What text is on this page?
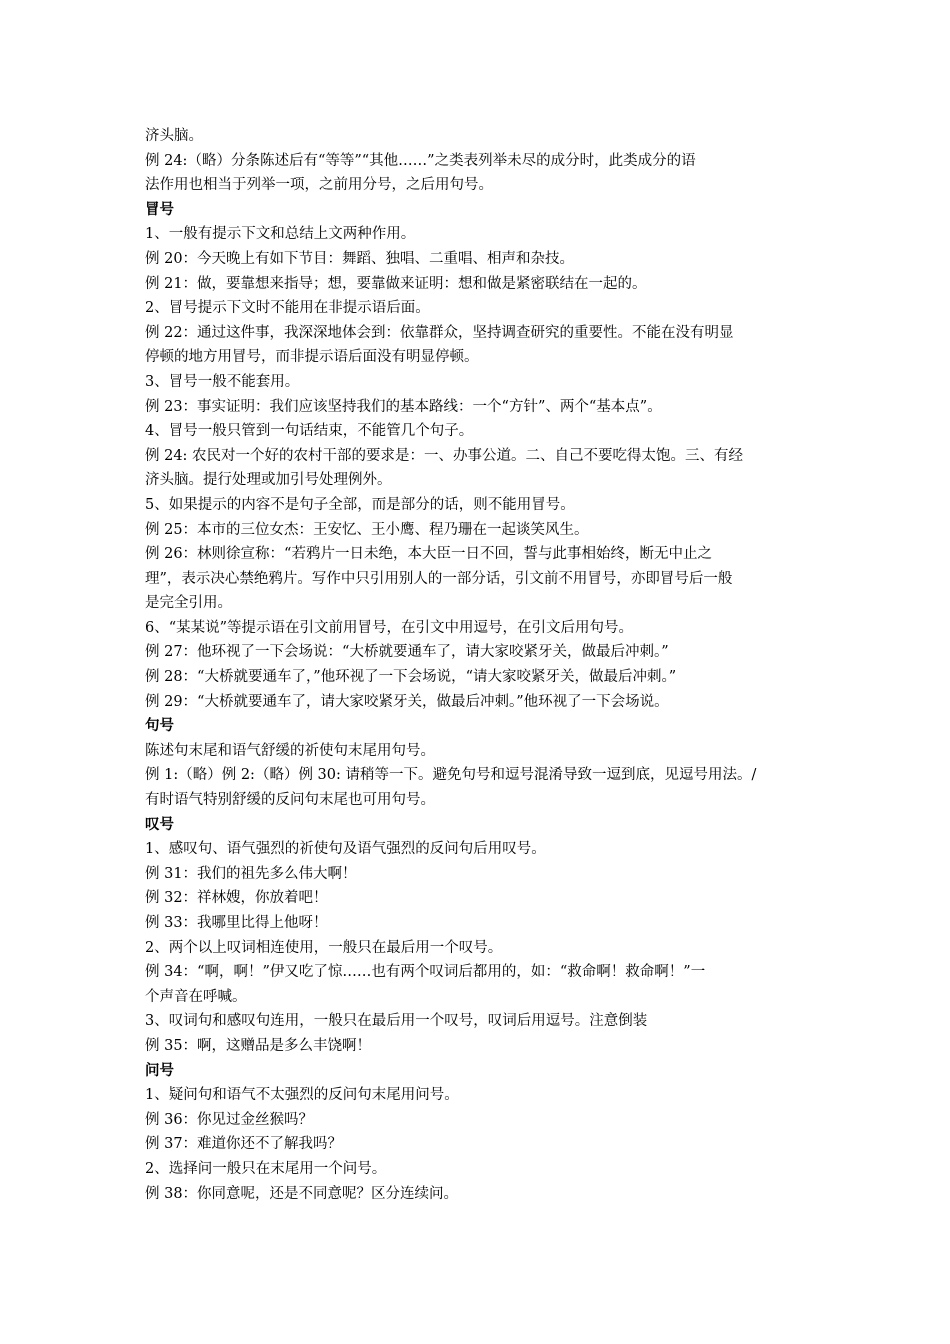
济头脑。
例 24:（略）分条陈述后有“等等”“其他……”之类表列举未尽的成分时，此类成分的语
法作用也相当于列举一项，之前用分号，之后用句号。
冒号
1、一般有提示下文和总结上文两种作用。
例 20：今天晚上有如下节目：舞蹈、独唱、二重唱、相声和杂技。
例 21：做，要靠想来指导；想，要靠做来证明：想和做是紧密联结在一起的。
2、冒号提示下文时不能用在非提示语后面。
例 22：通过这件事，我深深地体会到：依靠群众，坚持调查研究的重要性。不能在没有明显
停顿的地方用冒号，而非提示语后面没有明显停顿。
3、冒号一般不能套用。
例 23：事实证明：我们应该坚持我们的基本路线：一个“方针”、两个“基本点”。
4、冒号一般只管到一句话结束，不能管几个句子。
例 24: 农民对一个好的农村干部的要求是：一、办事公道。二、自己不要吃得太饱。三、有经
济头脑。提行处理或加引号处理例外。
5、如果提示的内容不是句子全部，而是部分的话，则不能用冒号。
例 25：本市的三位女杰：王安忆、王小鹰、程乃珊在一起谈笑风生。
例 26：林则徐宣称：“若鸦片一日未绝，本大臣一日不回，誓与此事相始终，断无中止之
理”，表示决心禁绝鸦片。写作中只引用别人的一部分话，引文前不用冒号，亦即冒号后一般
是完全引用。
6、“某某说”等提示语在引文前用冒号，在引文中用逗号，在引文后用句号。
例 27：他环视了一下会场说：“大桥就要通车了，请大家咬紧牙关，做最后冲刺。”
例 28：“大桥就要通车了，”他环视了一下会场说，“请大家咬紧牙关，做最后冲刺。”
例 29：“大桥就要通车了，请大家咬紧牙关，做最后冲刺。”他环视了一下会场说。
句号
陈述句末尾和语气舒缓的祈使句末尾用句号。
例 1:（略）例 2:（略）例 30: 请稍等一下。避免句号和逗号混淆导致一逗到底，见逗号用法。/
有时语气特别舒缓的反问句末尾也可用句号。
叹号
1、感叹句、语气强烈的祈使句及语气强烈的反问句后用叹号。
例 31：我们的祖先多么伟大啊！
例 32：祥林嫂，你放着吧！
例 33：我哪里比得上他呀！
2、两个以上叹词相连使用，一般只在最后用一个叹号。
例 34：“啊，啊！”伊又吃了惊……也有两个叹词后都用的，如：“救命啊！救命啊！”一
个声音在呼喊。
3、叹词句和感叹句连用，一般只在最后用一个叹号，叹词后用逗号。注意倒装
例 35：啊，这赠品是多么丰饶啊！
问号
1、疑问句和语气不太强烈的反问句末尾用问号。
例 36：你见过金丝猴吗？
例 37：难道你还不了解我吗？
2、选择问一般只在末尾用一个问号。
例 38：你同意呢，还是不同意呢？区分连续问。
